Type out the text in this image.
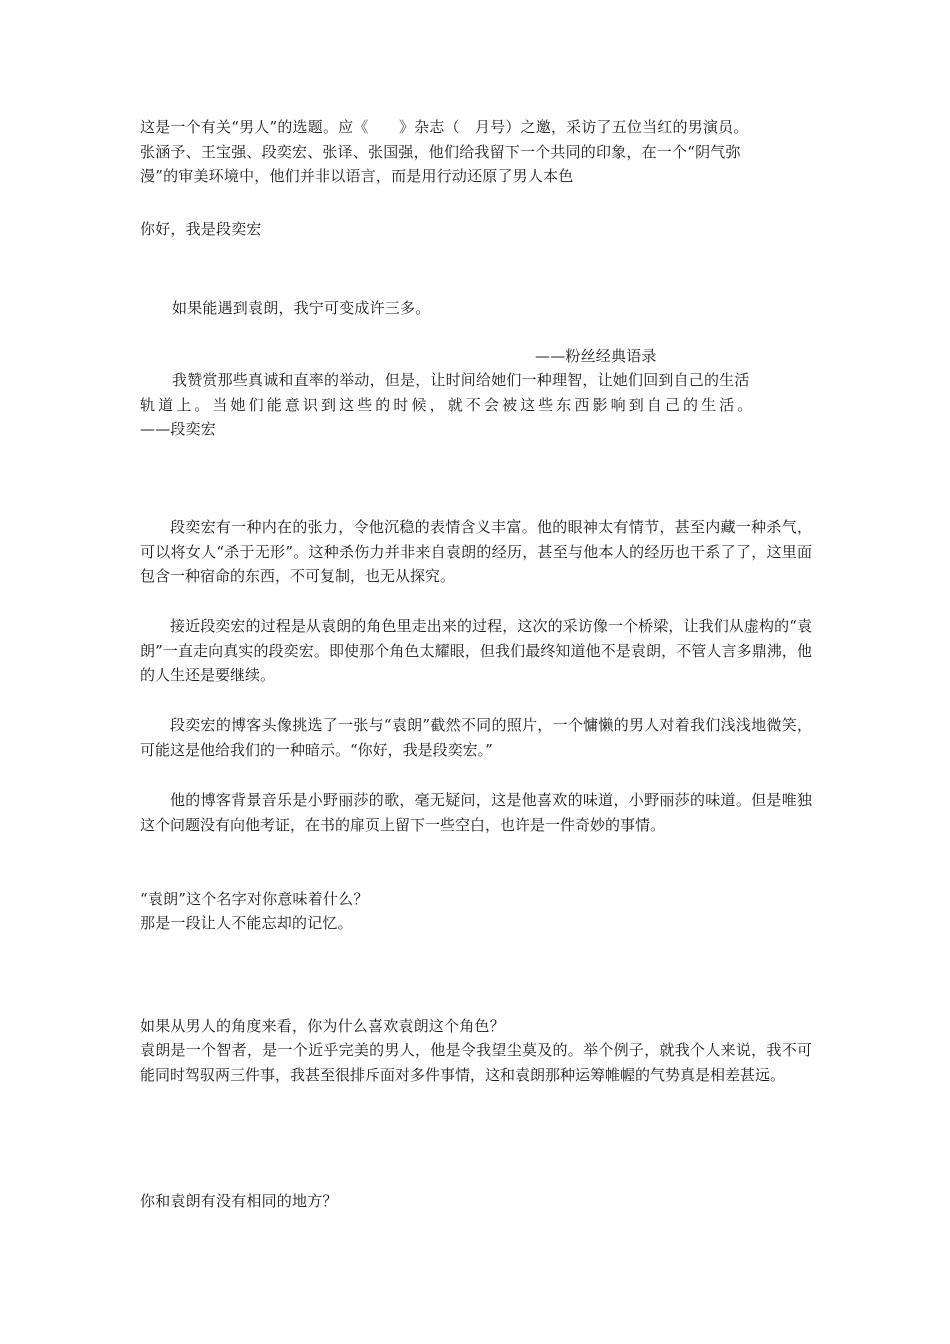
这是一个有关“男人”的选题。应《　　》杂志（　月号）之邀，采访了五位当红的男演员。
张涵予、王宝强、段奕宏、张译、张国强，他们给我留下一个共同的印象，在一个“阴气弥
漫”的审美环境中，他们并非以语言，而是用行动还原了男人本色
你好，我是段奕宏
如果能遇到袁朗，我宁可变成许三多。
——粉丝经典语录
我赞赏那些真诚和直率的举动，但是，让时间给她们一种理智，让她们回到自己的生活
轨道上。当她们能意识到这些的时候，就不会被这些东西影响到自己的生活。
——段奕宏
段奕宏有一种内在的张力，令他沉稳的表情含义丰富。他的眼神太有情节，甚至内藏一种杀气，可以将女人“杀于无形”。这种杀伤力并非来自袁朗的经历，甚至与他本人的经历也干系了了，这里面包含一种宿命的东西，不可复制，也无从探究。
接近段奕宏的过程是从袁朗的角色里走出来的过程，这次的采访像一个桥梁，让我们从虚构的“袁朗”一直走向真实的段奕宏。即使那个角色太耀眼，但我们最终知道他不是袁朗，不管人言多鼎沸，他的人生还是要继续。
段奕宏的博客头像挑选了一张与“袁朗”截然不同的照片，一个慵懒的男人对着我们浅浅地微笑，可能这是他给我们的一种暗示。“你好，我是段奕宏。”
他的博客背景音乐是小野丽莎的歌，毫无疑问，这是他喜欢的味道，小野丽莎的味道。但是唯独这个问题没有向他考证，在书的扉页上留下一些空白，也许是一件奇妙的事情。
“袁朗”这个名字对你意味着什么？
那是一段让人不能忘却的记忆。
如果从男人的角度来看，你为什么喜欢袁朗这个角色？
袁朗是一个智者，是一个近乎完美的男人，他是令我望尘莫及的。举个例子，就我个人来说，我不可能同时驾驭两三件事，我甚至很排斥面对多件事情，这和袁朗那种运筹帷幄的气势真是相差甚远。
你和袁朗有没有相同的地方？
